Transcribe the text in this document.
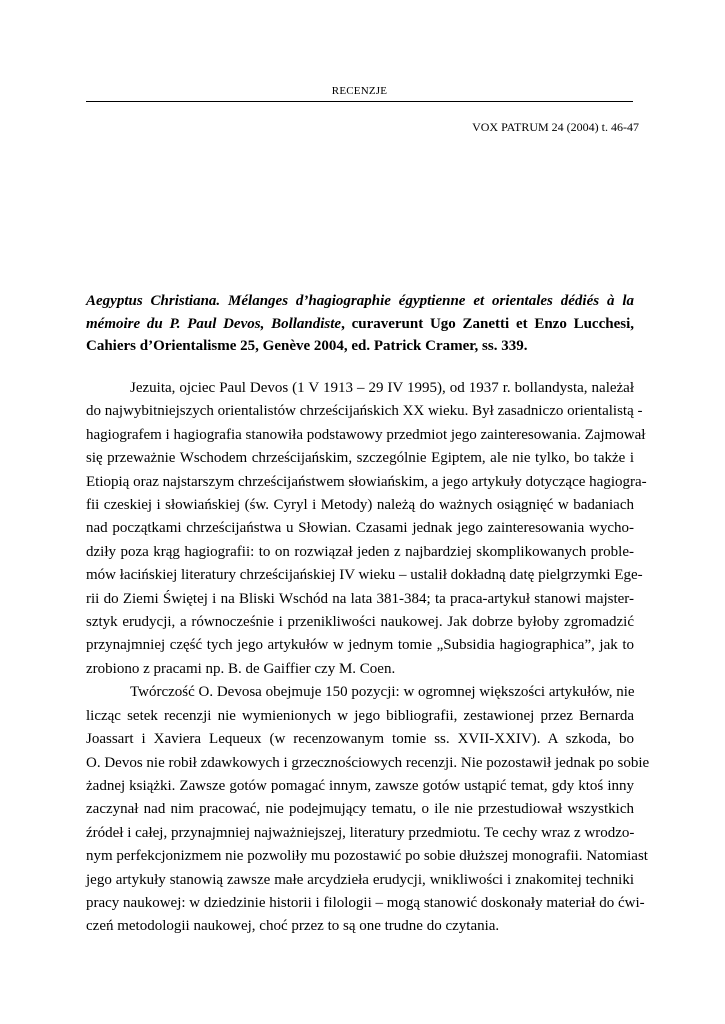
RECENZJE
VOX PATRUM 24 (2004) t. 46-47
Aegyptus Christiana. Mélanges d’hagiographie égyptienne et orientales dédiés à la
mémoire du P. Paul Devos, Bollandiste, curaverunt Ugo Zanetti et Enzo Lucchesi,
Cahiers d’Orientalisme 25, Genève 2004, ed. Patrick Cramer, ss. 339.
Jezuita, ojciec Paul Devos (1 V 1913 – 29 IV 1995), od 1937 r. bollandysta, należał
do najwybitniejszych orientalistów chrześcijańskich XX wieku. Był zasadniczo orientalistą -
hagiografem i hagiografia stanowiła podstawowy przedmiot jego zainteresowania. Zajmował
się przeważnie Wschodem chrześcijańskim, szczególnie Egiptem, ale nie tylko, bo także i
Etiopią oraz najstarszym chrześcijaństwem słowiańskim, a jego artykuły dotyczące hagiogra-
fii czeskiej i słowiańskiej (św. Cyryl i Metody) należą do ważnych osiągnięć w badaniach
nad początkami chrześcijaństwa u Słowian. Czasami jednak jego zainteresowania wycho-
dziły poza krąg hagiografii: to on rozwiązał jeden z najbardziej skomplikowanych proble-
mów łacińskiej literatury chrześcijańskiej IV wieku – ustalił dokładną datę pielgrzymki Ege-
rii do Ziemi Świętej i na Bliski Wschód na lata 381-384; ta praca-artykuł stanowi majster-
sztyk erudycji, a równocześnie i przenikliwości naukowej. Jak dobrze byłoby zgromadzić
przynajmniej część tych jego artykułów w jednym tomie „Subsidia hagiographica”, jak to
zrobiono z pracami np. B. de Gaiffier czy M. Coen.
Twórczość O. Devosa obejmuje 150 pozycji: w ogromnej większości artykułów, nie
licząc setek recenzji nie wymienionych w jego bibliografii, zestawionej przez Bernarda
Joassart i Xaviera Lequeux (w recenzowanym tomie ss. XVII-XXIV). A szkoda, bo
O. Devos nie robił zdawkowych i grzecznościowych recenzji. Nie pozostawił jednak po sobie
żadnej książki. Zawsze gotów pomagać innym, zawsze gotów ustąpić temat, gdy ktoś inny
zaczynał nad nim pracować, nie podejmujący tematu, o ile nie przestudiował wszystkich
źródeł i całej, przynajmniej najważniejszej, literatury przedmiotu. Te cechy wraz z wrodzo-
nym perfekcjonizmem nie pozwoliły mu pozostawić po sobie dłuższej monografii. Natomiast
jego artykuły stanowią zawsze małe arcydzieła erudycji, wnikliwości i znakomitej techniki
pracy naukowej: w dziedzinie historii i filologii – mogą stanowić doskonały materiał do ćwi-
czeń metodologii naukowej, choć przez to są one trudne do czytania.
